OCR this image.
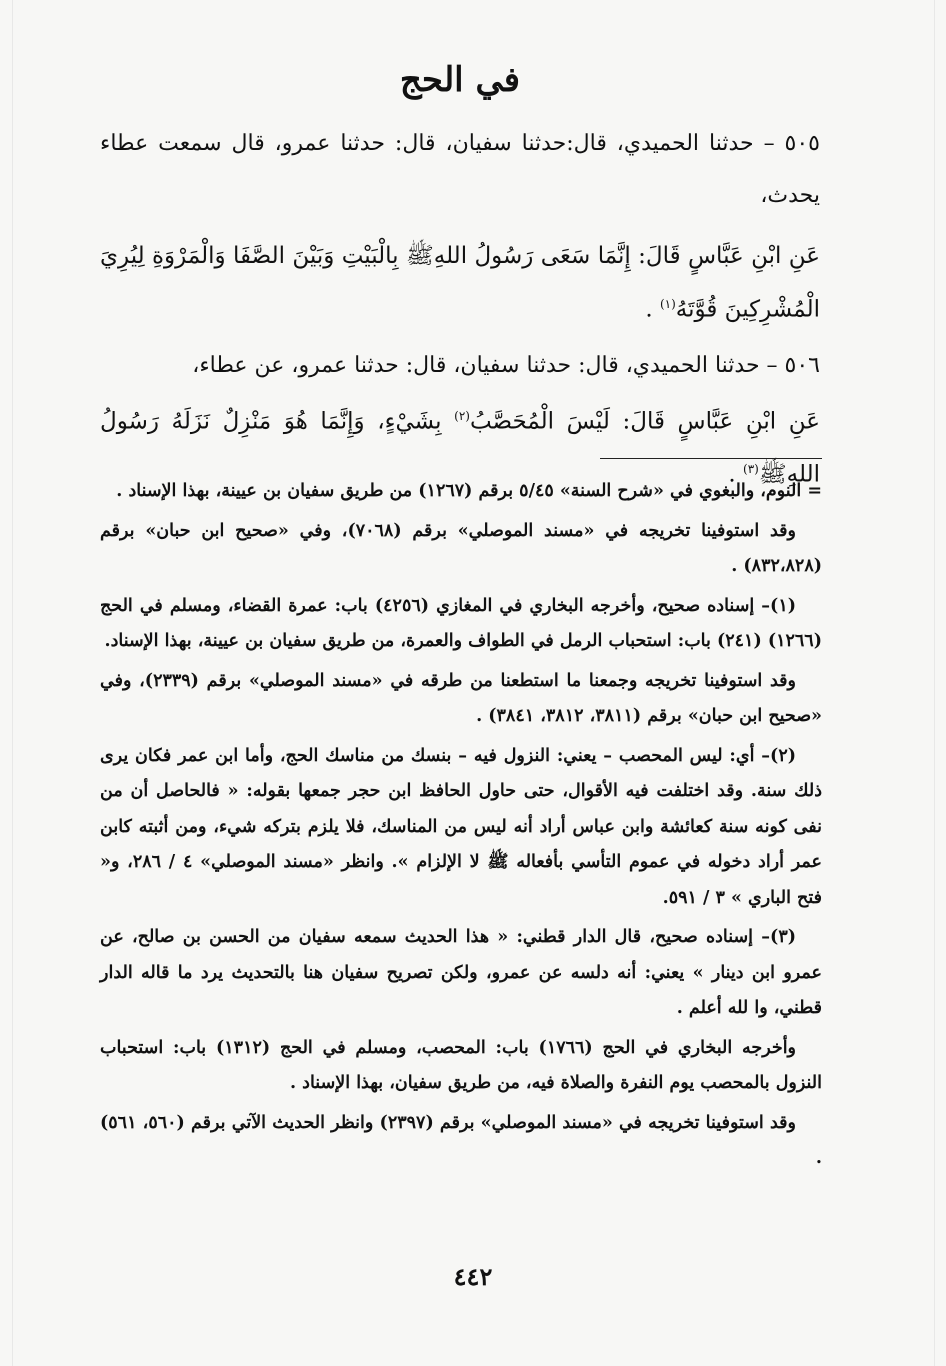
في الحج

٥٠٥ – حدثنا الحميدي، قال:حدثنا سفيان، قال: حدثنا عمرو، قال سمعت عطاء يحدث،

عَنِ ابْنِ عَبَّاسٍ قَالَ: إِنَّمَا سَعَى رَسُولُ اللهِﷺ بِالْبَيْتِ وَبَيْنَ الصَّفَا وَالْمَرْوَةِ لِيُرِيَ الْمُشْرِكِينَ قُوَّتَهُ$^{(١)}$ .

٥٠٦ – حدثنا الحميدي، قال: حدثنا سفيان، قال: حدثنا عمرو، عن عطاء،

عَنِ ابْنِ عَبَّاسٍ قَالَ: لَيْسَ الْمُحَصَّبُ$^{(٢)}$ بِشَيْءٍ، وَإِنَّمَا هُوَ مَنْزِلٌ نَزَلَهُ رَسُولُ اللهِﷺ$^{(٣)}$ .

= النوم، والبغوي في «شرح السنة» ٥/٤٥ برقم (١٢٦٧) من طريق سفيان بن عيينة، بهذا الإسناد .

وقد استوفينا تخريجه في «مسند الموصلي» برقم (٧٠٦٨)، وفي «صحيح ابن حبان» برقم (٨٣٢،٨٢٨) .

(١)– إسناده صحيح، وأخرجه البخاري في المغازي (٤٢٥٦) باب: عمرة القضاء، ومسلم في الحج (١٢٦٦) (٢٤١) باب: استحباب الرمل في الطواف والعمرة، من طريق سفيان بن عيينة، بهذا الإسناد.

وقد استوفينا تخريجه وجمعنا ما استطعنا من طرقه في «مسند الموصلي» برقم (٢٣٣٩)، وفي «صحيح ابن حبان» برقم (٣٨١١، ٣٨١٢، ٣٨٤١) .

(٢)– أي: ليس المحصب – يعني: النزول فيه – بنسك من مناسك الحج، وأما ابن عمر فكان يرى ذلك سنة. وقد اختلفت فيه الأقوال، حتى حاول الحافظ ابن حجر جمعها بقوله: « فالحاصل أن من نفى كونه سنة كعائشة وابن عباس أراد أنه ليس من المناسك، فلا يلزم بتركه شيء، ومن أثبته كابن عمر أراد دخوله في عموم التأسي بأفعاله ﷺ لا الإلزام ». وانظر «مسند الموصلي» ٤ / ٢٨٦، و« فتح الباري » ٣ / ٥٩١.

(٣)– إسناده صحيح، قال الدار قطني: « هذا الحديث سمعه سفيان من الحسن بن صالح، عن عمرو ابن دينار » يعني: أنه دلسه عن عمرو، ولكن تصريح سفيان هنا بالتحديث يرد ما قاله الدار قطني، وا لله أعلم .

وأخرجه البخاري في الحج (١٧٦٦) باب: المحصب، ومسلم في الحج (١٣١٢) باب: استحباب النزول بالمحصب يوم النفرة والصلاة فيه، من طريق سفيان، بهذا الإسناد .

وقد استوفينا تخريجه في «مسند الموصلي» برقم (٢٣٩٧) وانظر الحديث الآتي برقم (٥٦٠، ٥٦١) .

٤٤٢
